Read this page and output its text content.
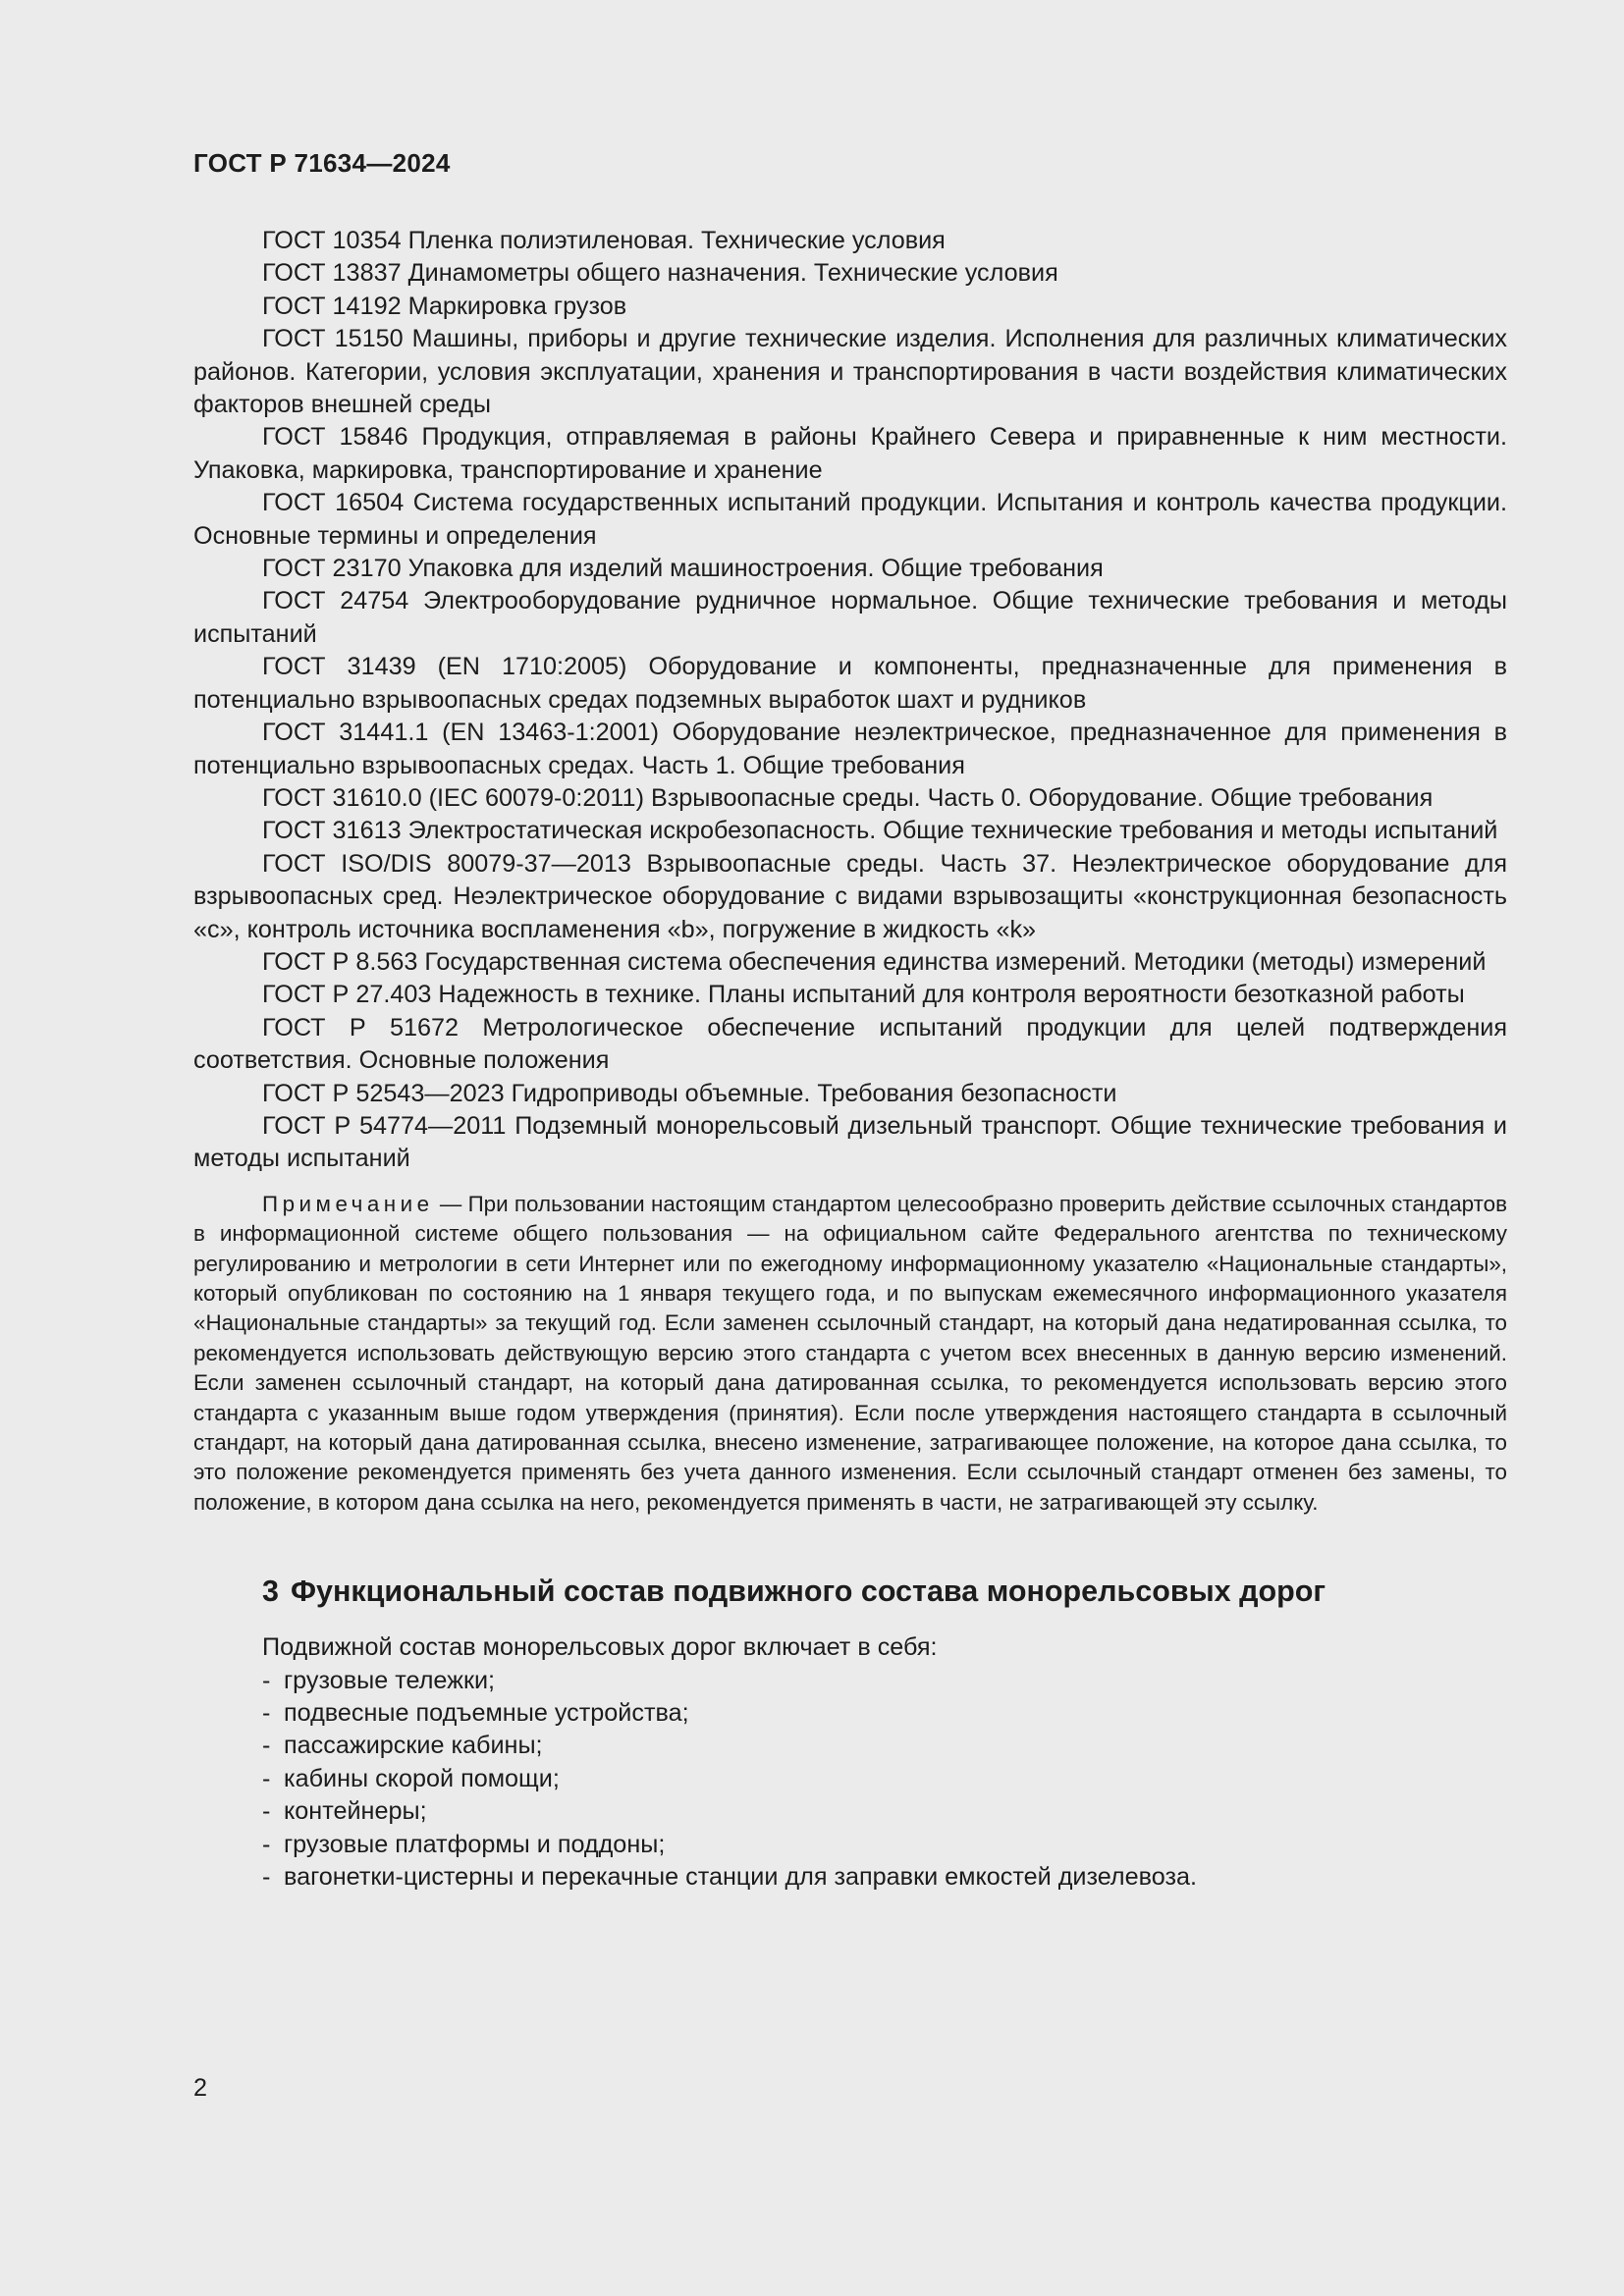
ГОСТ Р 71634—2024

ГОСТ 10354 Пленка полиэтиленовая. Технические условия

ГОСТ 13837 Динамометры общего назначения. Технические условия

ГОСТ 14192 Маркировка грузов

ГОСТ 15150 Машины, приборы и другие технические изделия. Исполнения для различных климатических районов. Категории, условия эксплуатации, хранения и транспортирования в части воздействия климатических факторов внешней среды

ГОСТ 15846 Продукция, отправляемая в районы Крайнего Севера и приравненные к ним местности. Упаковка, маркировка, транспортирование и хранение

ГОСТ 16504 Система государственных испытаний продукции. Испытания и контроль качества продукции. Основные термины и определения

ГОСТ 23170 Упаковка для изделий машиностроения. Общие требования

ГОСТ 24754 Электрооборудование рудничное нормальное. Общие технические требования и методы испытаний

ГОСТ 31439 (EN 1710:2005) Оборудование и компоненты, предназначенные для применения в потенциально взрывоопасных средах подземных выработок шахт и рудников

ГОСТ 31441.1 (EN 13463-1:2001) Оборудование неэлектрическое, предназначенное для применения в потенциально взрывоопасных средах. Часть 1. Общие требования

ГОСТ 31610.0 (IEC 60079-0:2011) Взрывоопасные среды. Часть 0. Оборудование. Общие требования

ГОСТ 31613 Электростатическая искробезопасность. Общие технические требования и методы испытаний

ГОСТ ISO/DIS 80079-37—2013 Взрывоопасные среды. Часть 37. Неэлектрическое оборудование для взрывоопасных сред. Неэлектрическое оборудование с видами взрывозащиты «конструкционная безопасность «с», контроль источника воспламенения «b», погружение в жидкость «k»

ГОСТ Р 8.563 Государственная система обеспечения единства измерений. Методики (методы) измерений

ГОСТ Р 27.403 Надежность в технике. Планы испытаний для контроля вероятности безотказной работы

ГОСТ Р 51672 Метрологическое обеспечение испытаний продукции для целей подтверждения соответствия. Основные положения

ГОСТ Р 52543—2023 Гидроприводы объемные. Требования безопасности

ГОСТ Р 54774—2011 Подземный монорельсовый дизельный транспорт. Общие технические требования и методы испытаний

Примечание — При пользовании настоящим стандартом целесообразно проверить действие ссылочных стандартов в информационной системе общего пользования — на официальном сайте Федерального агентства по техническому регулированию и метрологии в сети Интернет или по ежегодному информационному указателю «Национальные стандарты», который опубликован по состоянию на 1 января текущего года, и по выпускам ежемесячного информационного указателя «Национальные стандарты» за текущий год. Если заменен ссылочный стандарт, на который дана недатированная ссылка, то рекомендуется использовать действующую версию этого стандарта с учетом всех внесенных в данную версию изменений. Если заменен ссылочный стандарт, на который дана датированная ссылка, то рекомендуется использовать версию этого стандарта с указанным выше годом утверждения (принятия). Если после утверждения настоящего стандарта в ссылочный стандарт, на который дана датированная ссылка, внесено изменение, затрагивающее положение, на которое дана ссылка, то это положение рекомендуется применять без учета данного изменения. Если ссылочный стандарт отменен без замены, то положение, в котором дана ссылка на него, рекомендуется применять в части, не затрагивающей эту ссылку.

3 Функциональный состав подвижного состава монорельсовых дорог

Подвижной состав монорельсовых дорог включает в себя:

- грузовые тележки;
- подвесные подъемные устройства;
- пассажирские кабины;
- кабины скорой помощи;
- контейнеры;
- грузовые платформы и поддоны;
- вагонетки-цистерны и перекачные станции для заправки емкостей дизелевоза.
2
